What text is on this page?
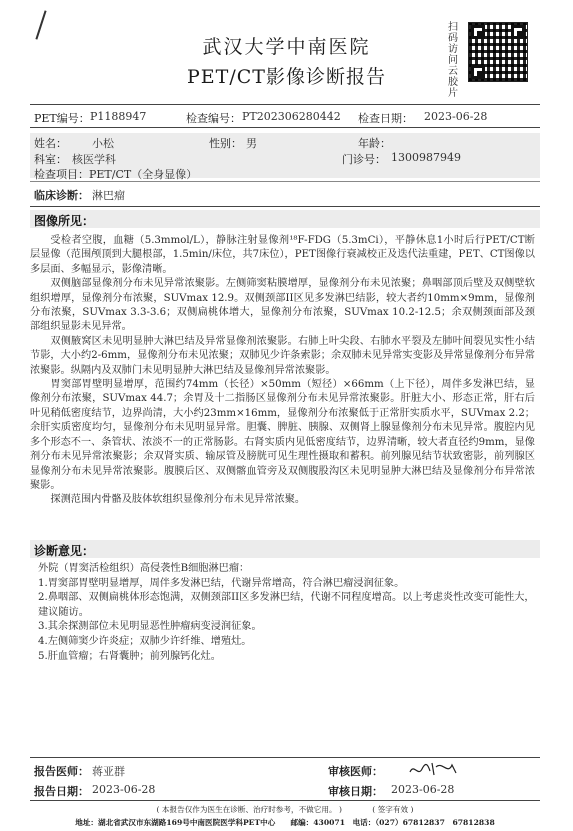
武汉大学中南医院
PET/CT影像诊断报告
扫码访问云胶片
PET编号： P1188947	检查编号： PT202306280442 检查日期： 2023-06-28
姓名： 小松	性别： 男	年龄：
科室： 核医学科	门诊号： 1300987949
检查项目： PET/CT（全身显像）
临床诊断： 淋巴瘤
图像所见：

受检者空腹，血糖（5.3mmol/L），静脉注射显像剂¹⁸F-FDG（5.3mCi），平静休息1小时后行PET/CT断层显像（范围颅顶到大腿根部，1.5min/床位，共7床位），PET图像行衰减校正及迭代法重建，PET、CT图像以多层面、多幅显示，影像清晰。

双侧脑部显像剂分布未见异常浓聚影。左侧筛窦粘膜增厚，显像剂分布未见浓聚；鼻咽部顶后壁及双侧壁软组织增厚，显像剂分布浓聚，SUVmax 12.9。双侧颈部II区见多发淋巴结影，较大者约10mm×9mm，显像剂分布浓聚，SUVmax 3.3-3.6；双侧扁桃体增大，显像剂分布浓聚，SUVmax 10.2-12.5；余双侧颈面部及颈部组织显影未见异常。

双侧腋窝区未见明显肿大淋巴结及异常显像剂浓聚影。右肺上叶尖段、右肺水平裂及左肺叶间裂见实性小结节影，大小约2-6mm，显像剂分布未见浓聚；双肺见少许条索影；余双肺未见异常实变影及异常显像剂分布异常浓聚影。纵隔内及双肺门未见明显肿大淋巴结及显像剂异常浓聚影。

胃窦部胃壁明显增厚，范围约74mm（长径）×50mm（短径）×66mm（上下径），周伴多发淋巴结，显像剂分布浓聚，SUVmax 44.7；余胃及十二指肠区显像剂分布未见异常浓聚影。肝脏大小、形态正常，肝右后叶见稍低密度结节，边界尚清，大小约23mm×16mm，显像剂分布浓聚低于正常肝实质水平，SUVmax 2.2；余肝实质密度均匀，显像剂分布未见明显异常。胆囊、脾脏、胰腺、双侧肾上腺显像剂分布未见异常。腹腔内见多个形态不一、条管状、浓淡不一的正常肠影。右肾实质内见低密度结节，边界清晰，较大者直径约9mm，显像剂分布未见异常浓聚影；余双肾实质、输尿管及膀胱可见生理性摄取和蓄积。前列腺见结节状致密影，前列腺区显像剂分布未见异常浓聚影。腹膜后区、双侧髂血管旁及双侧腹股沟区未见明显肿大淋巴结及显像剂分布异常浓聚影。

探测范围内骨骼及肢体软组织显像剂分布未见异常浓聚。

诊断意见：
外院（胃窦活检组织）高侵袭性B细胞淋巴瘤：
1.胃窦部胃壁明显增厚，周伴多发淋巴结，代谢异常增高，符合淋巴瘤浸润征象。
2.鼻咽部、双侧扁桃体形态饱满，双侧颈部II区多发淋巴结，代谢不同程度增高。以上考虑炎性改变可能性大，建议随访。
3.其余探测部位未见明显恶性肿瘤病变浸润征象。
4.左侧筛窦少许炎症；双肺少许纤维、增殖灶。
5.肝血管瘤；右肾囊肿；前列腺钙化灶。
报告医师： 蒋亚群	审核医师：
报告日期： 2023-06-28	审核日期： 2023-06-28
( 本报告仅作为医生在诊断、治疗时参考，不做它用。 )　　　　( 签字有效 )
地址：湖北省武汉市东湖路169号中南医院医学科PET中心　　邮编：430071　电话：（027）67812837　67812838
